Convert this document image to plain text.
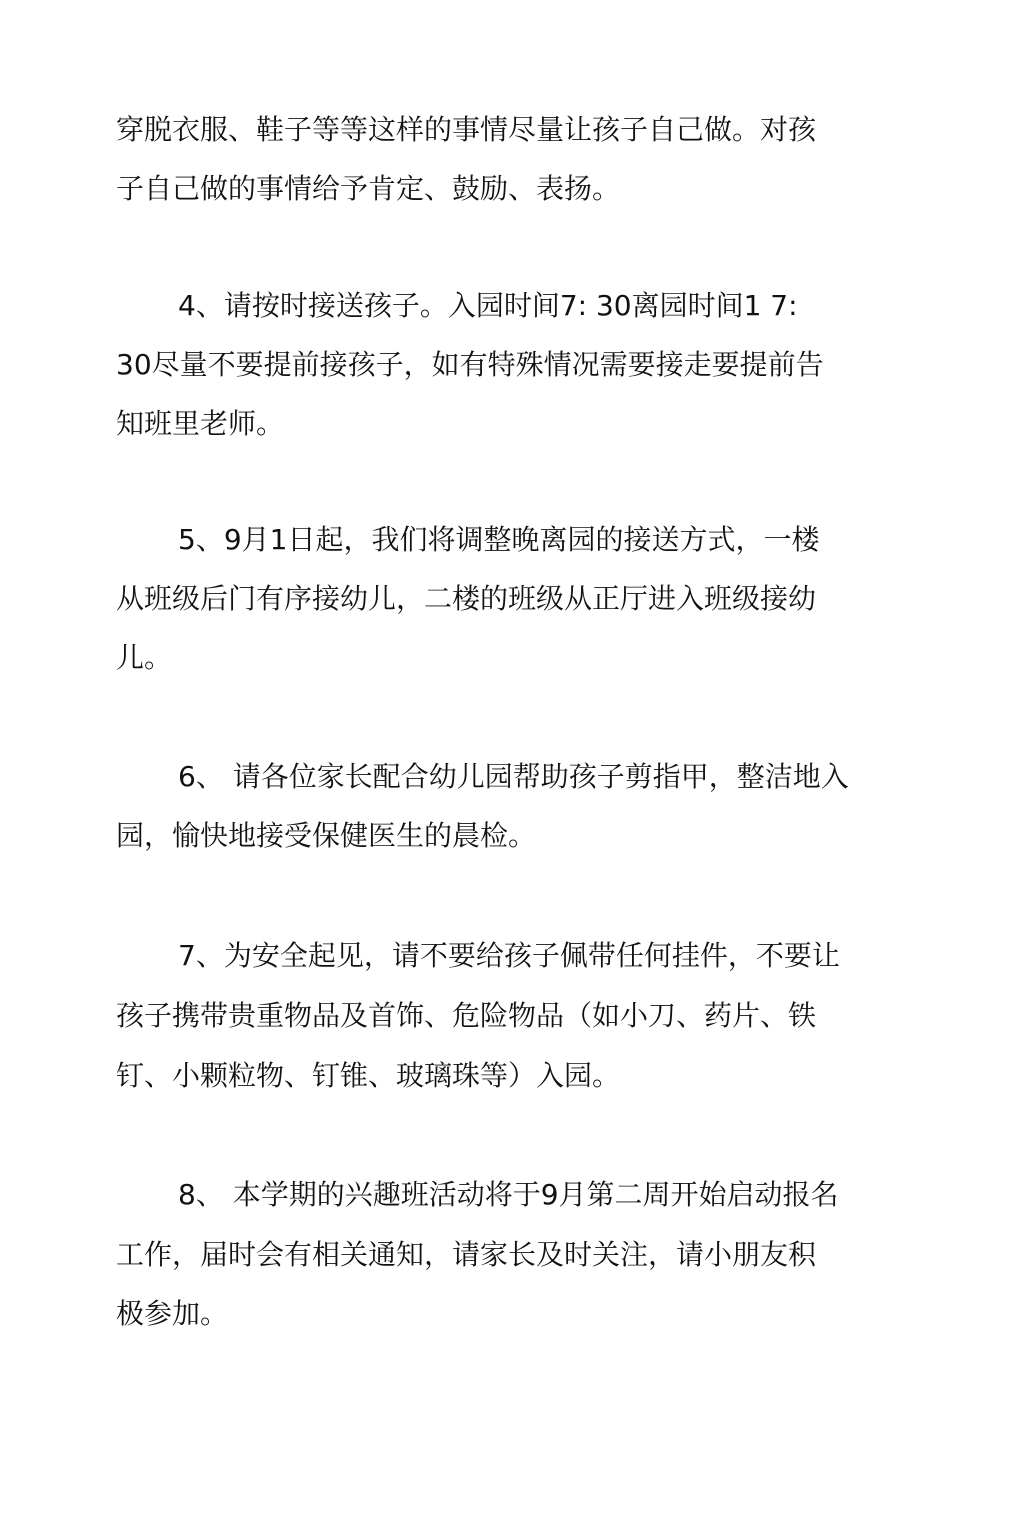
穿脱衣服、鞋子等等这样的事情尽量让孩子自己做。对孩
子自己做的事情给予肯定、鼓励、表扬。
4、请按时接送孩子。入园时间7: 30离园时间1 7:
30尽量不要提前接孩子，如有特殊情况需要接走要提前告
知班里老师。
5、9月1日起，我们将调整晚离园的接送方式，一楼
从班级后门有序接幼儿，二楼的班级从正厅进入班级接幼
儿。
6、 请各位家长配合幼儿园帮助孩子剪指甲，整洁地入
园，愉快地接受保健医生的晨检。
7、为安全起见，请不要给孩子佩带任何挂件，不要让
孩子携带贵重物品及首饰、危险物品（如小刀、药片、铁
钉、小颗粒物、钉锥、玻璃珠等）入园。
8、 本学期的兴趣班活动将于9月第二周开始启动报名
工作，届时会有相关通知，请家长及时关注，请小朋友积
极参加。
